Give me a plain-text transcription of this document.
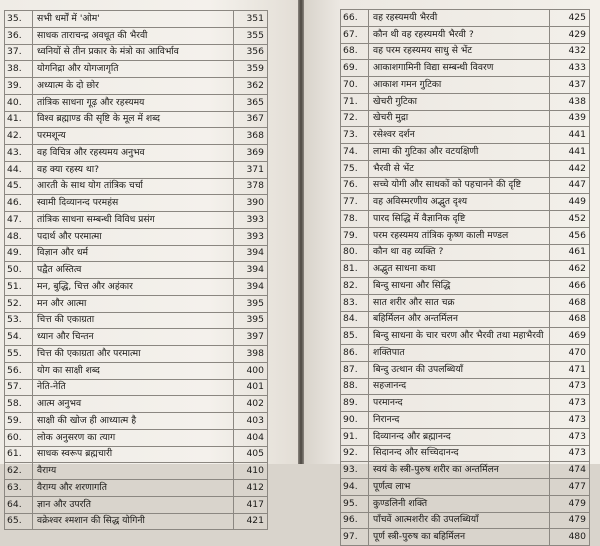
35.	सभी धर्मों में 'ओम'	351
36.	साधक ताराचन्द्र अवधूत की भैरवी	355
37.	ध्वनियों से तीन प्रकार के मंत्रो का आविर्भाव	356
38.	योगनिद्रा और योगजागृति	359
39.	अध्यात्म के दो छोर	362
40.	तांत्रिक साधना गूढ़ और रहस्यमय	365
41.	विश्व ब्रह्माण्ड की सृष्टि के मूल में शब्द	367
42.	परमशून्य	368
43.	वह विचित्र और रहस्यमय अनुभव	369
44.	वह क्या रहस्य था?	371
45.	आरती के साथ योग तांत्रिक चर्चा	378
46.	स्वामी दिव्यानन्द परमहंस	390
47.	तांत्रिक साधना सम्बन्धी विविध प्रसंग	393
48.	पदार्थ और परमात्मा	393
49.	विज्ञान और धर्म	394
50.	पद्वैत अस्तित्व	394
51.	मन, बुद्धि, चित्त और अहंकार	394
52.	मन और आत्मा	395
53.	चित्त की एकाग्रता	395
54.	ध्यान और चिन्तन	397
55.	चित्त की एकाग्रता और परमात्मा	398
56.	योग का साक्षी शब्द	400
57.	नेति-नेति	401
58.	आत्म अनुभव	402
59.	साक्षी की खोज ही आध्यात्म है	403
60.	लोक अनुसरण का त्याग	404
61.	साधक स्वरूप ब्रह्मचारी	405
62.	वैराग्य	410
63.	वैराग्य और शरणागति	412
64.	ज्ञान और उपरति	417
65.	वक्रेश्वर श्मशान की सिद्ध योगिनी	421
66.	वह रहस्यमयी भैरवी	425
67.	कौन थी वह रहस्यमयी भैरवी ?	429
68.	वह परम रहस्यमय साधु से भेंट	432
69.	आकाशगामिनी विद्या सम्बन्धी विवरण	433
70.	आकाश गमन गुटिका	437
71.	खेचरी गुटिका	438
72.	खेचरी मुद्रा	439
73.	रसेश्वर दर्शन	441
74.	लामा की गुटिका और वटयक्षिणी	441
75.	भैरवी से भेंट	442
76.	सच्चे योगी और साधकों को पहचानने की दृष्टि	447
77.	वह अविस्मरणीय अद्भुत दृश्य	449
78.	पारद सिद्धि में वैज्ञानिक दृष्टि	452
79.	परम रहस्यमय तांत्रिक कृष्ण काली मण्डल	456
80.	कौन था वह व्यक्ति ?	461
81.	अद्भुत साधना कथा	462
82.	बिन्दु साधना और सिद्धि	466
83.	सात शरीर और सात चक्र	468
84.	बहिर्मिलन और अन्तर्मिलन	468
85.	बिन्दु साधना के चार चरण और भैरवी तथा महाभैरवी	469
86.	शक्तिपात	470
87.	बिन्दु उत्थान की उपलब्धियाँ	471
88.	सहजानन्द	473
89.	परमानन्द	473
90.	निरानन्द	473
91.	दिव्यानन्द और ब्रह्मानन्द	473
92.	सिदानन्द और सच्चिदानन्द	473
93.	स्वयं के स्त्री-पुरुष शरीर का अन्तर्मिलन	474
94.	पूर्णत्व लाभ	477
95.	कुण्डलिनी शक्ति	479
96.	पाँचवें आत्मशरीर की उपलब्धियाँ	479
97.	पूर्ण स्त्री-पुरुष का बहिर्मिलन	480
